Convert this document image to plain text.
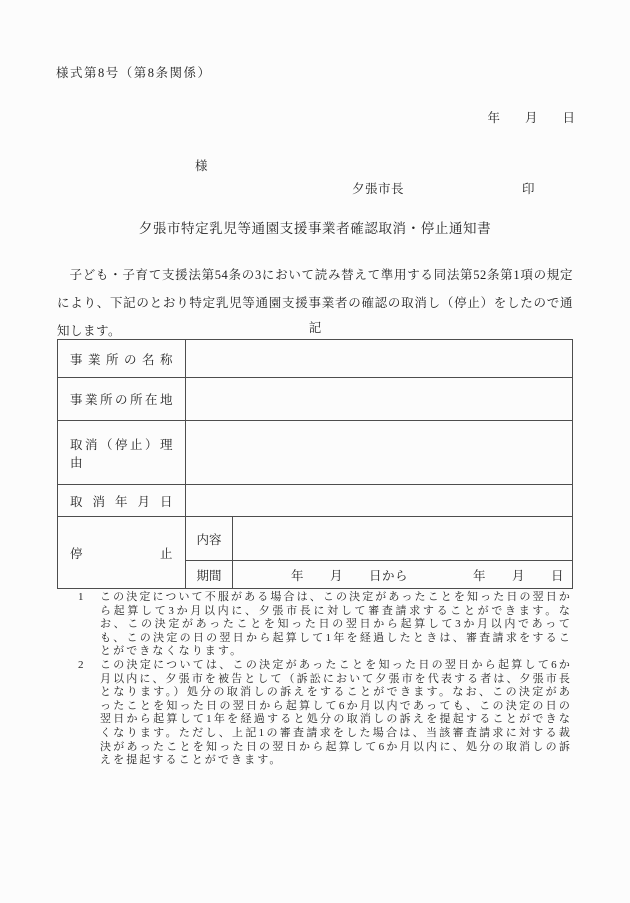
様式第8号（第8条関係）
年　　月　　日
様
夕張市長	印
夕張市特定乳児等通園支援事業者確認取消・停止通知書
子ども・子育て支援法第54条の3において読み替えて準用する同法第52条第1項の規定により、下記のとおり特定乳児等通園支援事業者の確認の取消し（停止）をしたので通知します。	記
事業所の名称		
事業所の所在地		
取消（停止）理由		
取消年月日		
停止	内容	
	期間	年　　月　　日から　　　　　年　　月　　日
1	この決定について不服がある場合は、この決定があったことを知った日の翌日から起算して3か月以内に、夕張市長に対して審査請求することができます。なお、この決定があったことを知った日の翌日から起算して3か月以内であっても、この決定の日の翌日から起算して1年を経過したときは、審査請求をすることができなくなります。
2	この決定については、この決定があったことを知った日の翌日から起算して6か月以内に、夕張市を被告として（訴訟において夕張市を代表する者は、夕張市長となります。）処分の取消しの訴えをすることができます。なお、この決定があったことを知った日の翌日から起算して6か月以内であっても、この決定の日の翌日から起算して1年を経過すると処分の取消しの訴えを提起することができなくなります。ただし、上記1の審査請求をした場合は、当該審査請求に対する裁決があったことを知った日の翌日から起算して6か月以内に、処分の取消しの訴えを提起することができます。
